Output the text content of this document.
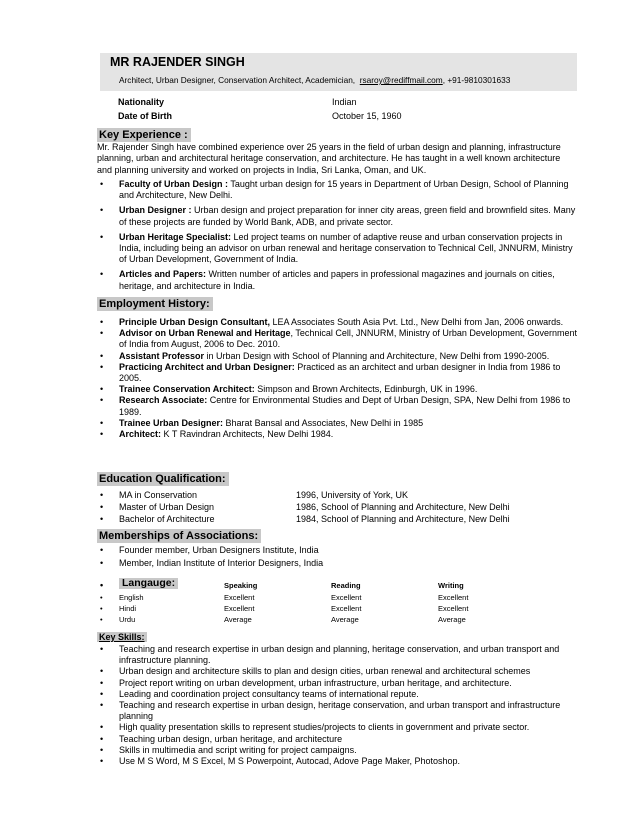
MR RAJENDER SINGH
Architect, Urban Designer, Conservation Architect, Academician, rsaroy@rediffmail.com, +91-9810301633
Nationality	Indian
Date of Birth	October 15, 1960
Key Experience :
Mr. Rajender Singh have combined experience over 25 years in the field of urban design and planning, infrastructure planning, urban and architectural heritage conservation, and architecture. He has taught in a well known architecture and planning university and worked on projects in India, Sri Lanka, Oman, and UK.
• Faculty of Urban Design : Taught urban design for 15 years in Department of Urban Design, School of Planning and Architecture, New Delhi.
• Urban Designer : Urban design and project preparation for inner city areas, green field and brownfield sites. Many of these projects are funded by World Bank, ADB, and private sector.
• Urban Heritage Specialist: Led project teams on number of adaptive reuse and urban conservation projects in India, including being an advisor on urban renewal and heritage conservation to Technical Cell, JNNURM, Ministry of Urban Development, Government of India.
• Articles and Papers: Written number of articles and papers in professional magazines and journals on cities, heritage, and architecture in India.
Employment History:
• Principle Urban Design Consultant, LEA Associates South Asia Pvt. Ltd., New Delhi from Jan, 2006 onwards.
• Advisor on Urban Renewal and Heritage, Technical Cell, JNNURM, Ministry of Urban Development, Government of India from August, 2006 to Dec. 2010.
• Assistant Professor in Urban Design with School of Planning and Architecture, New Delhi from 1990-2005.
• Practicing Architect and Urban Designer: Practiced as an architect and urban designer in India from 1986 to 2005.
• Trainee Conservation Architect: Simpson and Brown Architects, Edinburgh, UK in 1996.
• Research Associate: Centre for Environmental Studies and Dept of Urban Design, SPA, New Delhi from 1986 to 1989.
• Trainee Urban Designer: Bharat Bansal and Associates, New Delhi in 1985
• Architect: K T Ravindran Architects, New Delhi 1984.
Education Qualification:
• MA in Conservation	1996, University of York, UK
• Master of Urban Design	1986, School of Planning and Architecture, New Delhi
• Bachelor of Architecture	1984, School of Planning and Architecture, New Delhi
Memberships of Associations:
• Founder member, Urban Designers Institute, India
• Member, Indian Institute of Interior Designers, India
• Langauge:	Speaking	Reading	Writing
• English	Excellent	Excellent	Excellent
• Hindi	Excellent	Excellent	Excellent
• Urdu	Average	Average	Average
Key Skills:
• Teaching and research expertise in urban design and planning, heritage conservation, and urban transport and infrastructure planning.
• Urban design and architecture skills to plan and design cities, urban renewal and architectural schemes
• Project report writing on urban development, urban infrastructure, urban heritage, and architecture.
• Leading and coordination project consultancy teams of international repute.
• Teaching and research expertise in urban design, heritage conservation, and urban transport and infrastructure planning
• High quality presentation skills to represent studies/projects to clients in government and private sector.
• Teaching urban design, urban heritage, and architecture
• Skills in multimedia and script writing for project campaigns.
• Use M S Word, M S Excel, M S Powerpoint, Autocad, Adove Page Maker, Photoshop.
